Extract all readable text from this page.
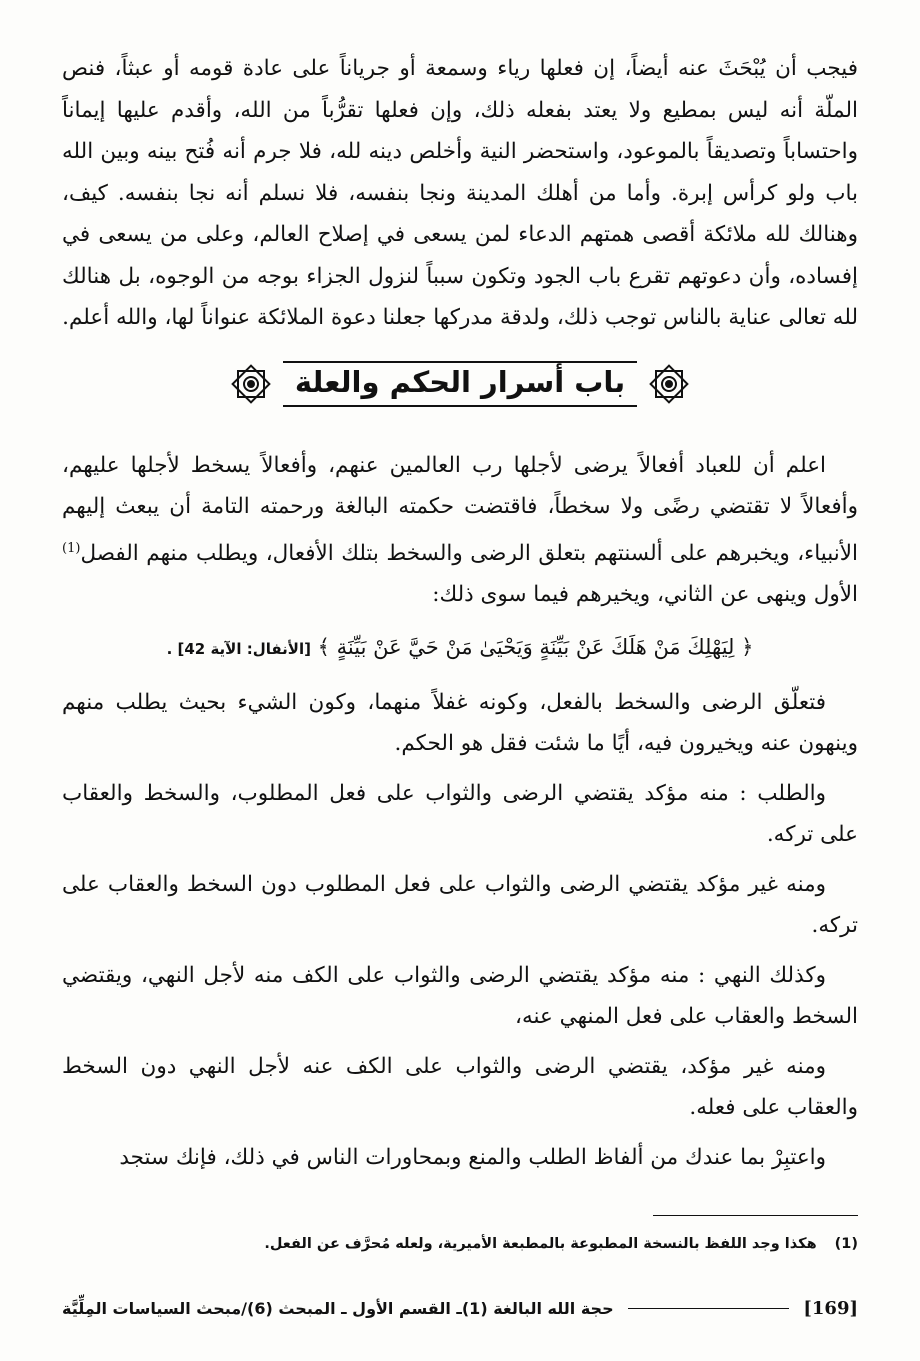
فيجب أن يُبْحَثَ عنه أيضاً، إن فعلها رياء وسمعة أو جرياناً على عادة قومه أو عبثاً، فنص الملّة أنه ليس بمطيع ولا يعتد بفعله ذلك، وإن فعلها تقرُّباً من الله، وأقدم عليها إيماناً واحتساباً وتصديقاً بالموعود، واستحضر النية وأخلص دينه لله، فلا جرم أنه فُتح بينه وبين الله باب ولو كرأس إبرة. وأما من أهلك المدينة ونجا بنفسه، فلا نسلم أنه نجا بنفسه. كيف، وهنالك لله ملائكة أقصى همتهم الدعاء لمن يسعى في إصلاح العالم، وعلى من يسعى في إفساده، وأن دعوتهم تقرع باب الجود وتكون سبباً لنزول الجزاء بوجه من الوجوه، بل هنالك لله تعالى عناية بالناس توجب ذلك، ولدقة مدركها جعلنا دعوة الملائكة عنواناً لها، والله أعلم.

باب أسرار الحكم والعلة

اعلم أن للعباد أفعالاً يرضى لأجلها رب العالمين عنهم، وأفعالاً يسخط لأجلها عليهم، وأفعالاً لا تقتضي رضًى ولا سخطاً، فاقتضت حكمته البالغة ورحمته التامة أن يبعث إليهم الأنبياء، ويخبرهم على ألسنتهم بتعلق الرضى والسخط بتلك الأفعال، ويطلب منهم الفصل$^{(1)}$ الأول وينهى عن الثاني، ويخيرهم فيما سوى ذلك:

﴿ لِيَهْلِكَ مَنْ هَلَكَ عَنْ بَيِّنَةٍ وَيَحْيَىٰ مَنْ حَيَّ عَنْ بَيِّنَةٍ ﴾ [الأنفال: الآية 42] .

فتعلّق الرضى والسخط بالفعل، وكونه غفلاً منهما، وكون الشيء بحيث يطلب منهم وينهون عنه ويخيرون فيه، أيًا ما شئت فقل هو الحكم.

والطلب : منه مؤكد يقتضي الرضى والثواب على فعل المطلوب، والسخط والعقاب على تركه.

ومنه غير مؤكد يقتضي الرضى والثواب على فعل المطلوب دون السخط والعقاب على تركه.

وكذلك النهي : منه مؤكد يقتضي الرضى والثواب على الكف منه لأجل النهي، ويقتضي السخط والعقاب على فعل المنهي عنه،

ومنه غير مؤكد، يقتضي الرضى والثواب على الكف عنه لأجل النهي دون السخط والعقاب على فعله.

واعتبِرْ بما عندك من ألفاظ الطلب والمنع وبمحاورات الناس في ذلك، فإنك ستجد

(1)
هكذا وجد اللفظ بالنسخة المطبوعة بالمطبعة الأميرية، ولعله مُحرَّف عن الفعل.
[169]
حجة الله البالغة (1)ـ القسم الأول ـ المبحث (6)/مبحث السياسات المِلِّيَّة
